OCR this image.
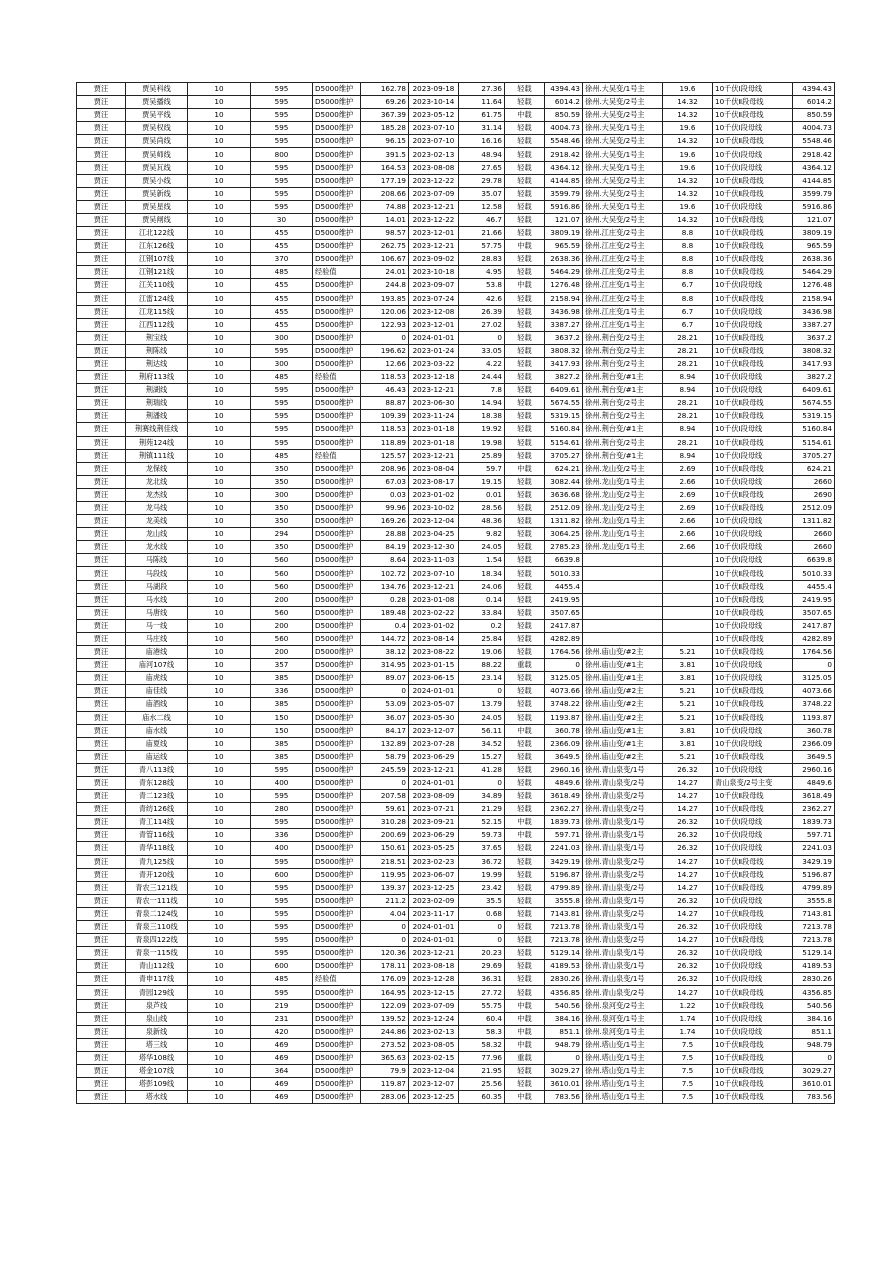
贾汪	贾吴科线	10	595	D5000维护	162.78	2023-09-18	27.36	轻载	4394.43	徐州.大吴变/1号主	19.6	10千伏Ⅰ段母线	4394.43
贾汪	贾吴播线	10	595	D5000维护	69.26	2023-10-14	11.64	轻载	6014.2	徐州.大吴变/2号主	14.32	10千伏Ⅱ段母线	6014.2
贾汪	贾吴平线	10	595	D5000维护	367.39	2023-05-12	61.75	中载	850.59	徐州.大吴变/2号主	14.32	10千伏Ⅱ段母线	850.59
贾汪	贾吴权线	10	595	D5000维护	185.28	2023-07-10	31.14	轻载	4004.73	徐州.大吴变/1号主	19.6	10千伏Ⅰ段母线	4004.73
贾汪	贾吴尚线	10	595	D5000维护	96.15	2023-07-10	16.16	轻载	5548.46	徐州.大吴变/2号主	14.32	10千伏Ⅱ段母线	5548.46
贾汪	贾吴师线	10	800	D5000维护	391.5	2023-02-13	48.94	轻载	2918.42	徐州.大吴变/1号主	19.6	10千伏Ⅰ段母线	2918.42
贾汪	贾吴瓦线	10	595	D5000维护	164.53	2023-08-08	27.65	轻载	4364.12	徐州.大吴变/1号主	19.6	10千伏Ⅰ段母线	4364.12
贾汪	贾吴小线	10	595	D5000维护	177.19	2023-12-22	29.78	轻载	4144.85	徐州.大吴变/2号主	14.32	10千伏Ⅱ段母线	4144.85
贾汪	贾吴新线	10	595	D5000维护	208.66	2023-07-09	35.07	轻载	3599.79	徐州.大吴变/2号主	14.32	10千伏Ⅱ段母线	3599.79
贾汪	贾吴星线	10	595	D5000维护	74.88	2023-12-21	12.58	轻载	5916.86	徐州.大吴变/1号主	19.6	10千伏Ⅰ段母线	5916.86
贾汪	贾吴闸线	10	30	D5000维护	14.01	2023-12-22	46.7	轻载	121.07	徐州.大吴变/2号主	14.32	10千伏Ⅱ段母线	121.07
贾汪	江北122线	10	455	D5000维护	98.57	2023-12-01	21.66	轻载	3809.19	徐州.江庄变/2号主	8.8	10千伏Ⅱ段母线	3809.19
贾汪	江东126线	10	455	D5000维护	262.75	2023-12-21	57.75	中载	965.59	徐州.江庄变/2号主	8.8	10千伏Ⅱ段母线	965.59
贾汪	江钢107线	10	370	D5000维护	106.67	2023-09-02	28.83	轻载	2638.36	徐州.江庄变/2号主	8.8	10千伏Ⅱ段母线	2638.36
贾汪	江钢121线	10	485	经验值	24.01	2023-10-18	4.95	轻载	5464.29	徐州.江庄变/2号主	8.8	10千伏Ⅱ段母线	5464.29
贾汪	江关110线	10	455	D5000维护	244.8	2023-09-07	53.8	中载	1276.48	徐州.江庄变/1号主	6.7	10千伏Ⅰ段母线	1276.48
贾汪	江雷124线	10	455	D5000维护	193.85	2023-07-24	42.6	轻载	2158.94	徐州.江庄变/2号主	8.8	10千伏Ⅱ段母线	2158.94
贾汪	江龙115线	10	455	D5000维护	120.06	2023-12-08	26.39	轻载	3436.98	徐州.江庄变/1号主	6.7	10千伏Ⅰ段母线	3436.98
贾汪	江西112线	10	455	D5000维护	122.93	2023-12-01	27.02	轻载	3387.27	徐州.江庄变/1号主	6.7	10千伏Ⅰ段母线	3387.27
贾汪	荆宝线	10	300	D5000维护	0	2024-01-01	0	轻载	3637.2	徐州.荆台变/2号主	28.21	10千伏Ⅱ段母线	3637.2
贾汪	荆陈线	10	595	D5000维护	196.62	2023-01-24	33.05	轻载	3808.32	徐州.荆台变/2号主	28.21	10千伏Ⅱ段母线	3808.32
贾汪	荆达线	10	300	D5000维护	12.66	2023-03-22	4.22	轻载	3417.93	徐州.荆台变/2号主	28.21	10千伏Ⅱ段母线	3417.93
贾汪	荆府113线	10	485	经验值	118.53	2023-12-18	24.44	轻载	3827.2	徐州.荆台变/#1主	8.94	10千伏Ⅰ段母线	3827.2
贾汪	荆湖线	10	595	D5000维护	46.43	2023-12-21	7.8	轻载	6409.61	徐州.荆台变/#1主	8.94	10千伏Ⅰ段母线	6409.61
贾汪	荆瑞线	10	595	D5000维护	88.87	2023-06-30	14.94	轻载	5674.55	徐州.荆台变/2号主	28.21	10千伏Ⅱ段母线	5674.55
贾汪	荆潘线	10	595	D5000维护	109.39	2023-11-24	18.38	轻载	5319.15	徐州.荆台变/2号主	28.21	10千伏Ⅱ段母线	5319.15
贾汪	荆赛线荆佳线	10	595	D5000维护	118.53	2023-01-18	19.92	轻载	5160.84	徐州.荆台变/#1主	8.94	10千伏Ⅰ段母线	5160.84
贾汪	荆苑124线	10	595	D5000维护	118.89	2023-01-18	19.98	轻载	5154.61	徐州.荆台变/2号主	28.21	10千伏Ⅱ段母线	5154.61
贾汪	荆镇111线	10	485	经验值	125.57	2023-12-21	25.89	轻载	3705.27	徐州.荆台变/#1主	8.94	10千伏Ⅰ段母线	3705.27
贾汪	龙保线	10	350	D5000维护	208.96	2023-08-04	59.7	中载	624.21	徐州.龙山变/2号主	2.69	10千伏Ⅱ段母线	624.21
贾汪	龙北线	10	350	D5000维护	67.03	2023-08-17	19.15	轻载	3082.44	徐州.龙山变/1号主	2.66	10千伏Ⅰ段母线	2660
贾汪	龙杰线	10	300	D5000维护	0.03	2023-01-02	0.01	轻载	3636.68	徐州.龙山变/2号主	2.69	10千伏Ⅱ段母线	2690
贾汪	龙马线	10	350	D5000维护	99.96	2023-10-02	28.56	轻载	2512.09	徐州.龙山变/2号主	2.69	10千伏Ⅱ段母线	2512.09
贾汪	龙美线	10	350	D5000维护	169.26	2023-12-04	48.36	轻载	1311.82	徐州.龙山变/1号主	2.66	10千伏Ⅰ段母线	1311.82
贾汪	龙山线	10	294	D5000维护	28.88	2023-04-25	9.82	轻载	3064.25	徐州.龙山变/1号主	2.66	10千伏Ⅰ段母线	2660
贾汪	龙水线	10	350	D5000维护	84.19	2023-12-30	24.05	轻载	2785.23	徐州.龙山变/1号主	2.66	10千伏Ⅰ段母线	2660
贾汪	马陈线	10	560	D5000维护	8.64	2023-11-03	1.54	轻载	6639.8			10千伏Ⅰ段母线	6639.8
贾汪	马段线	10	560	D5000维护	102.72	2023-07-10	18.34	轻载	5010.33			10千伏Ⅱ段母线	5010.33
贾汪	马湖段	10	560	D5000维护	134.76	2023-12-21	24.06	轻载	4455.4			10千伏Ⅱ段母线	4455.4
贾汪	马水线	10	200	D5000维护	0.28	2023-01-08	0.14	轻载	2419.95			10千伏Ⅱ段母线	2419.95
贾汪	马唐线	10	560	D5000维护	189.48	2023-02-22	33.84	轻载	3507.65			10千伏Ⅱ段母线	3507.65
贾汪	马一线	10	200	D5000维护	0.4	2023-01-02	0.2	轻载	2417.87			10千伏Ⅰ段母线	2417.87
贾汪	马庄线	10	560	D5000维护	144.72	2023-08-14	25.84	轻载	4282.89			10千伏Ⅱ段母线	4282.89
贾汪	庙港线	10	200	D5000维护	38.12	2023-08-22	19.06	轻载	1764.56	徐州.庙山变/#2主	5.21	10千伏Ⅱ段母线	1764.56
贾汪	庙河107线	10	357	D5000维护	314.95	2023-01-15	88.22	重载	0	徐州.庙山变/#1主	3.81	10千伏Ⅰ段母线	0
贾汪	庙虎线	10	385	D5000维护	89.07	2023-06-15	23.14	轻载	3125.05	徐州.庙山变/#1主	3.81	10千伏Ⅰ段母线	3125.05
贾汪	庙佳线	10	336	D5000维护	0	2024-01-01	0	轻载	4073.66	徐州.庙山变/#2主	5.21	10千伏Ⅱ段母线	4073.66
贾汪	庙酒线	10	385	D5000维护	53.09	2023-05-07	13.79	轻载	3748.22	徐州.庙山变/#2主	5.21	10千伏Ⅱ段母线	3748.22
贾汪	庙水二线	10	150	D5000维护	36.07	2023-05-30	24.05	轻载	1193.87	徐州.庙山变/#2主	5.21	10千伏Ⅱ段母线	1193.87
贾汪	庙水线	10	150	D5000维护	84.17	2023-12-07	56.11	中载	360.78	徐州.庙山变/#1主	3.81	10千伏Ⅰ段母线	360.78
贾汪	庙夏线	10	385	D5000维护	132.89	2023-07-28	34.52	轻载	2366.09	徐州.庙山变/#1主	3.81	10千伏Ⅰ段母线	2366.09
贾汪	庙运线	10	385	D5000维护	58.79	2023-06-29	15.27	轻载	3649.5	徐州.庙山变/#2主	5.21	10千伏Ⅱ段母线	3649.5
贾汪	青八113线	10	595	D5000维护	245.59	2023-12-21	41.28	轻载	2960.16	徐州.青山泉变/1号	26.32	10千伏Ⅰ段母线	2960.16
贾汪	青东128线	10	400	D5000维护	0	2024-01-01	0	轻载	4849.6	徐州.青山泉变/2号	14.27	青山泉变/2号主变	4849.6
贾汪	青二123线	10	595	D5000维护	207.58	2023-08-09	34.89	轻载	3618.49	徐州.青山泉变/2号	14.27	10千伏Ⅱ段母线	3618.49
贾汪	青纺126线	10	280	D5000维护	59.61	2023-07-21	21.29	轻载	2362.27	徐州.青山泉变/2号	14.27	10千伏Ⅱ段母线	2362.27
贾汪	青工114线	10	595	D5000维护	310.28	2023-09-21	52.15	中载	1839.73	徐州.青山泉变/1号	26.32	10千伏Ⅰ段母线	1839.73
贾汪	青管116线	10	336	D5000维护	200.69	2023-06-29	59.73	中载	597.71	徐州.青山泉变/1号	26.32	10千伏Ⅰ段母线	597.71
贾汪	青华118线	10	400	D5000维护	150.61	2023-05-25	37.65	轻载	2241.03	徐州.青山泉变/1号	26.32	10千伏Ⅰ段母线	2241.03
贾汪	青九125线	10	595	D5000维护	218.51	2023-02-23	36.72	轻载	3429.19	徐州.青山泉变/2号	14.27	10千伏Ⅱ段母线	3429.19
贾汪	青开120线	10	600	D5000维护	119.95	2023-06-07	19.99	轻载	5196.87	徐州.青山泉变/2号	14.27	10千伏Ⅱ段母线	5196.87
贾汪	青农三121线	10	595	D5000维护	139.37	2023-12-25	23.42	轻载	4799.89	徐州.青山泉变/2号	14.27	10千伏Ⅱ段母线	4799.89
贾汪	青农一111线	10	595	D5000维护	211.2	2023-02-09	35.5	轻载	3555.8	徐州.青山泉变/1号	26.32	10千伏Ⅰ段母线	3555.8
贾汪	青泉二124线	10	595	D5000维护	4.04	2023-11-17	0.68	轻载	7143.81	徐州.青山泉变/2号	14.27	10千伏Ⅱ段母线	7143.81
贾汪	青泉三110线	10	595	D5000维护	0	2024-01-01	0	轻载	7213.78	徐州.青山泉变/1号	26.32	10千伏Ⅰ段母线	7213.78
贾汪	青泉四122线	10	595	D5000维护	0	2024-01-01	0	轻载	7213.78	徐州.青山泉变/2号	14.27	10千伏Ⅱ段母线	7213.78
贾汪	青泉一115线	10	595	D5000维护	120.36	2023-12-21	20.23	轻载	5129.14	徐州.青山泉变/1号	26.32	10千伏Ⅰ段母线	5129.14
贾汪	青山112线	10	600	D5000维护	178.11	2023-08-18	29.69	轻载	4189.53	徐州.青山泉变/1号	26.32	10千伏Ⅰ段母线	4189.53
贾汪	青申117线	10	485	经验值	176.09	2023-12-28	36.31	轻载	2830.26	徐州.青山泉变/1号	26.32	10千伏Ⅰ段母线	2830.26
贾汪	青园129线	10	595	D5000维护	164.95	2023-12-15	27.72	轻载	4356.85	徐州.青山泉变/2号	14.27	10千伏Ⅱ段母线	4356.85
贾汪	泉芦线	10	219	D5000维护	122.09	2023-07-09	55.75	中载	540.56	徐州.泉河变/2号主	1.22	10千伏Ⅱ段母线	540.56
贾汪	泉山线	10	231	D5000维护	139.52	2023-12-24	60.4	中载	384.16	徐州.泉河变/1号主	1.74	10千伏Ⅰ段母线	384.16
贾汪	泉新线	10	420	D5000维护	244.86	2023-02-13	58.3	中载	851.1	徐州.泉河变/1号主	1.74	10千伏Ⅰ段母线	851.1
贾汪	塔三线	10	469	D5000维护	273.52	2023-08-05	58.32	中载	948.79	徐州.塔山变/1号主	7.5	10千伏Ⅱ段母线	948.79
贾汪	塔华108线	10	469	D5000维护	365.63	2023-02-15	77.96	重载	0	徐州.塔山变/1号主	7.5	10千伏Ⅱ段母线	0
贾汪	塔金107线	10	364	D5000维护	79.9	2023-12-04	21.95	轻载	3029.27	徐州.塔山变/1号主	7.5	10千伏Ⅱ段母线	3029.27
贾汪	塔彭109线	10	469	D5000维护	119.87	2023-12-07	25.56	轻载	3610.01	徐州.塔山变/1号主	7.5	10千伏Ⅱ段母线	3610.01
贾汪	塔水线	10	469	D5000维护	283.06	2023-12-25	60.35	中载	783.56	徐州.塔山变/1号主	7.5	10千伏Ⅱ段母线	783.56
